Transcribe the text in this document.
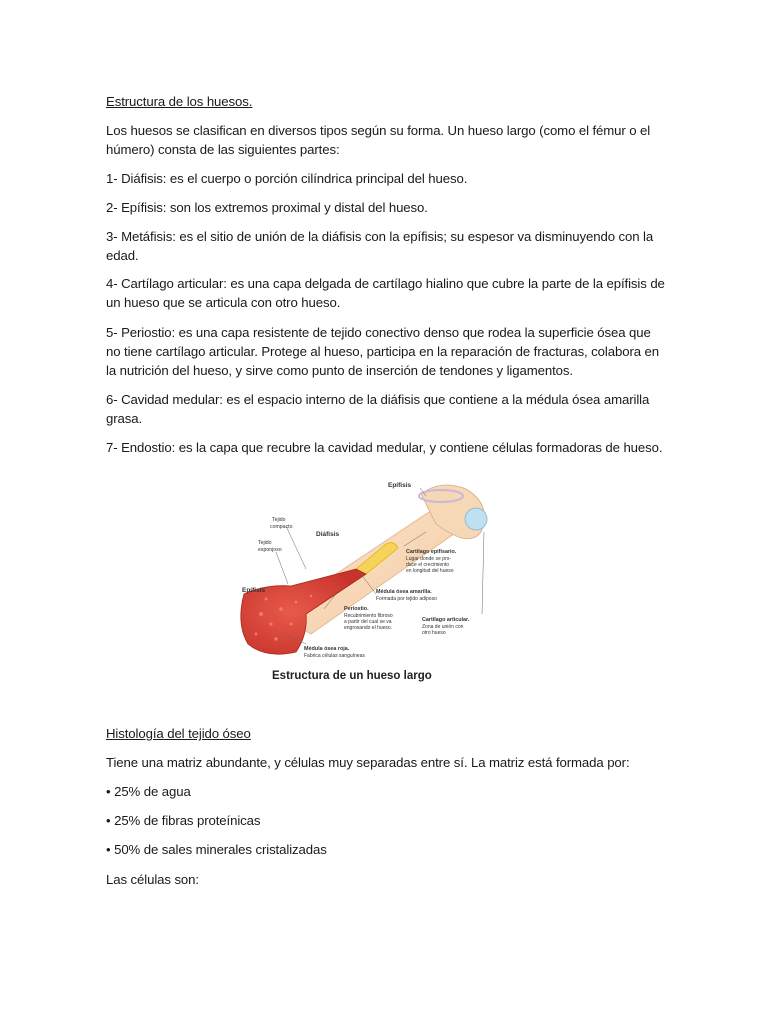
Estructura de los huesos.

Los huesos se clasifican en diversos tipos según su forma. Un hueso largo (como el fémur o el húmero) consta de las siguientes partes:

1- Diáfisis: es el cuerpo o porción cilíndrica principal del hueso.

2- Epífisis: son los extremos proximal y distal del hueso.

3- Metáfisis: es el sitio de unión de la diáfisis con la epífisis; su espesor va disminuyendo con la edad.

4- Cartílago articular: es una capa delgada de cartílago hialino que cubre la parte de la epífisis de un hueso que se articula con otro hueso.

5- Periostio: es una capa resistente de tejido conectivo denso que rodea la superficie ósea que no tiene cartílago articular. Protege al hueso, participa en la reparación de fracturas, colabora en la nutrición del hueso, y sirve como punto de inserción de tendones y ligamentos.

6- Cavidad medular: es el espacio interno de la diáfisis que contiene a la médula ósea amarilla grasa.

7- Endostio: es la capa que recubre la cavidad medular, y contiene células formadoras de hueso.

Epífisis
Tejido
compacto
Diáfisis
Tejido
esponjoso	Cartílago epifisario.
Lugar donde se pro-
duce el crecimiento
en longitud del hueso
Epífisis	Médula ósea amarilla.
Formada por tejido adiposo
Periostio.
Recubrimiento fibroso
a partir del cual se va
engrosando el hueso.
Cartílago articular.
Zona de unión con
otro hueso
Médula ósea roja.
Fabrica células sanguíneas
Estructura de un hueso largo

Histología del tejido óseo

Tiene una matriz abundante, y células muy separadas entre sí. La matriz está formada por:

• 25% de agua

• 25% de fibras proteínicas

• 50% de sales minerales cristalizadas

Las células son:
